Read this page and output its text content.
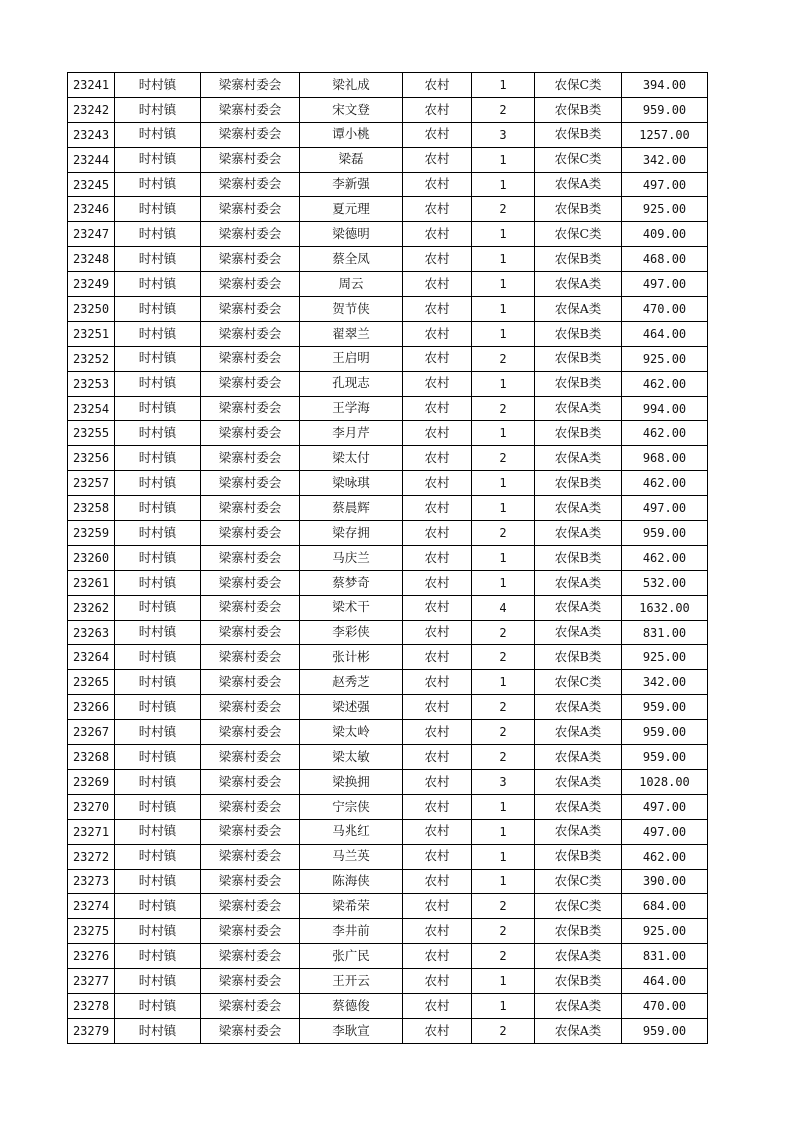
23241	时村镇	梁寨村委会	梁礼成	农村	1	农保C类	394.00
23242	时村镇	梁寨村委会	宋文登	农村	2	农保B类	959.00
23243	时村镇	梁寨村委会	谭小桃	农村	3	农保B类	1257.00
23244	时村镇	梁寨村委会	梁磊	农村	1	农保C类	342.00
23245	时村镇	梁寨村委会	李新强	农村	1	农保A类	497.00
23246	时村镇	梁寨村委会	夏元理	农村	2	农保B类	925.00
23247	时村镇	梁寨村委会	梁德明	农村	1	农保C类	409.00
23248	时村镇	梁寨村委会	蔡全凤	农村	1	农保B类	468.00
23249	时村镇	梁寨村委会	周云	农村	1	农保A类	497.00
23250	时村镇	梁寨村委会	贺节侠	农村	1	农保A类	470.00
23251	时村镇	梁寨村委会	翟翠兰	农村	1	农保B类	464.00
23252	时村镇	梁寨村委会	王启明	农村	2	农保B类	925.00
23253	时村镇	梁寨村委会	孔现志	农村	1	农保B类	462.00
23254	时村镇	梁寨村委会	王学海	农村	2	农保A类	994.00
23255	时村镇	梁寨村委会	李月芹	农村	1	农保B类	462.00
23256	时村镇	梁寨村委会	梁太付	农村	2	农保A类	968.00
23257	时村镇	梁寨村委会	梁咏琪	农村	1	农保B类	462.00
23258	时村镇	梁寨村委会	蔡晨辉	农村	1	农保A类	497.00
23259	时村镇	梁寨村委会	梁存拥	农村	2	农保A类	959.00
23260	时村镇	梁寨村委会	马庆兰	农村	1	农保B类	462.00
23261	时村镇	梁寨村委会	蔡梦奇	农村	1	农保A类	532.00
23262	时村镇	梁寨村委会	梁术干	农村	4	农保A类	1632.00
23263	时村镇	梁寨村委会	李彩侠	农村	2	农保A类	831.00
23264	时村镇	梁寨村委会	张计彬	农村	2	农保B类	925.00
23265	时村镇	梁寨村委会	赵秀芝	农村	1	农保C类	342.00
23266	时村镇	梁寨村委会	梁述强	农村	2	农保A类	959.00
23267	时村镇	梁寨村委会	梁太岭	农村	2	农保A类	959.00
23268	时村镇	梁寨村委会	梁太敏	农村	2	农保A类	959.00
23269	时村镇	梁寨村委会	梁换拥	农村	3	农保A类	1028.00
23270	时村镇	梁寨村委会	宁宗侠	农村	1	农保A类	497.00
23271	时村镇	梁寨村委会	马兆红	农村	1	农保A类	497.00
23272	时村镇	梁寨村委会	马兰英	农村	1	农保B类	462.00
23273	时村镇	梁寨村委会	陈海侠	农村	1	农保C类	390.00
23274	时村镇	梁寨村委会	梁希荣	农村	2	农保C类	684.00
23275	时村镇	梁寨村委会	李井前	农村	2	农保B类	925.00
23276	时村镇	梁寨村委会	张广民	农村	2	农保A类	831.00
23277	时村镇	梁寨村委会	王开云	农村	1	农保B类	464.00
23278	时村镇	梁寨村委会	蔡德俊	农村	1	农保A类	470.00
23279	时村镇	梁寨村委会	李耿宣	农村	2	农保A类	959.00
